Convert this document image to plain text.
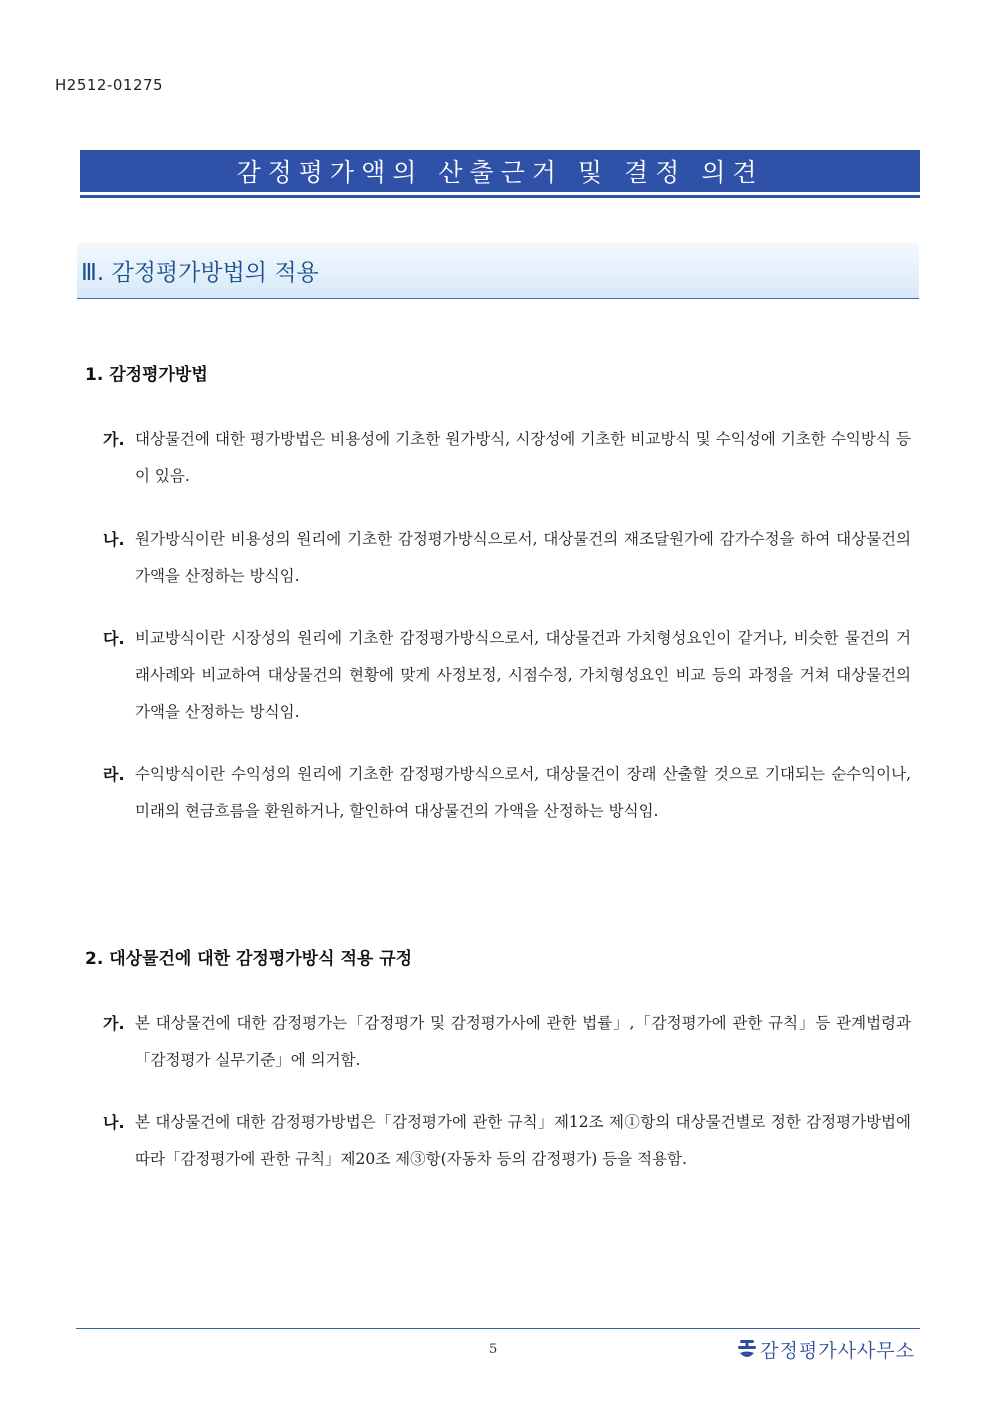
H2512-01275
감정평가액의 산출근거 및 결정 의견
Ⅲ. 감정평가방법의 적용
1. 감정평가방법
가. 대상물건에 대한 평가방법은 비용성에 기초한 원가방식, 시장성에 기초한 비교방식 및 수익성에 기초한 수익방식 등이 있음.
나. 원가방식이란 비용성의 원리에 기초한 감정평가방식으로서, 대상물건의 재조달원가에 감가수정을 하여 대상물건의 가액을 산정하는 방식임.
다. 비교방식이란 시장성의 원리에 기초한 감정평가방식으로서, 대상물건과 가치형성요인이 같거나, 비슷한 물건의 거래사례와 비교하여 대상물건의 현황에 맞게 사정보정, 시점수정, 가치형성요인 비교 등의 과정을 거쳐 대상물건의 가액을 산정하는 방식임.
라. 수익방식이란 수익성의 원리에 기초한 감정평가방식으로서, 대상물건이 장래 산출할 것으로 기대되는 순수익이나, 미래의 현금흐름을 환원하거나, 할인하여 대상물건의 가액을 산정하는 방식임.
2. 대상물건에 대한 감정평가방식 적용 규정
가. 본 대상물건에 대한 감정평가는「감정평가 및 감정평가사에 관한 법률」,「감정평가에 관한 규칙」등 관계법령과「감정평가 실무기준」에 의거함.
나. 본 대상물건에 대한 감정평가방법은「감정평가에 관한 규칙」제12조 제①항의 대상물건별로 정한 감정평가방법에 따라「감정평가에 관한 규칙」제20조 제③항(자동차 등의 감정평가) 등을 적용함.
5	감정평가사사무소
